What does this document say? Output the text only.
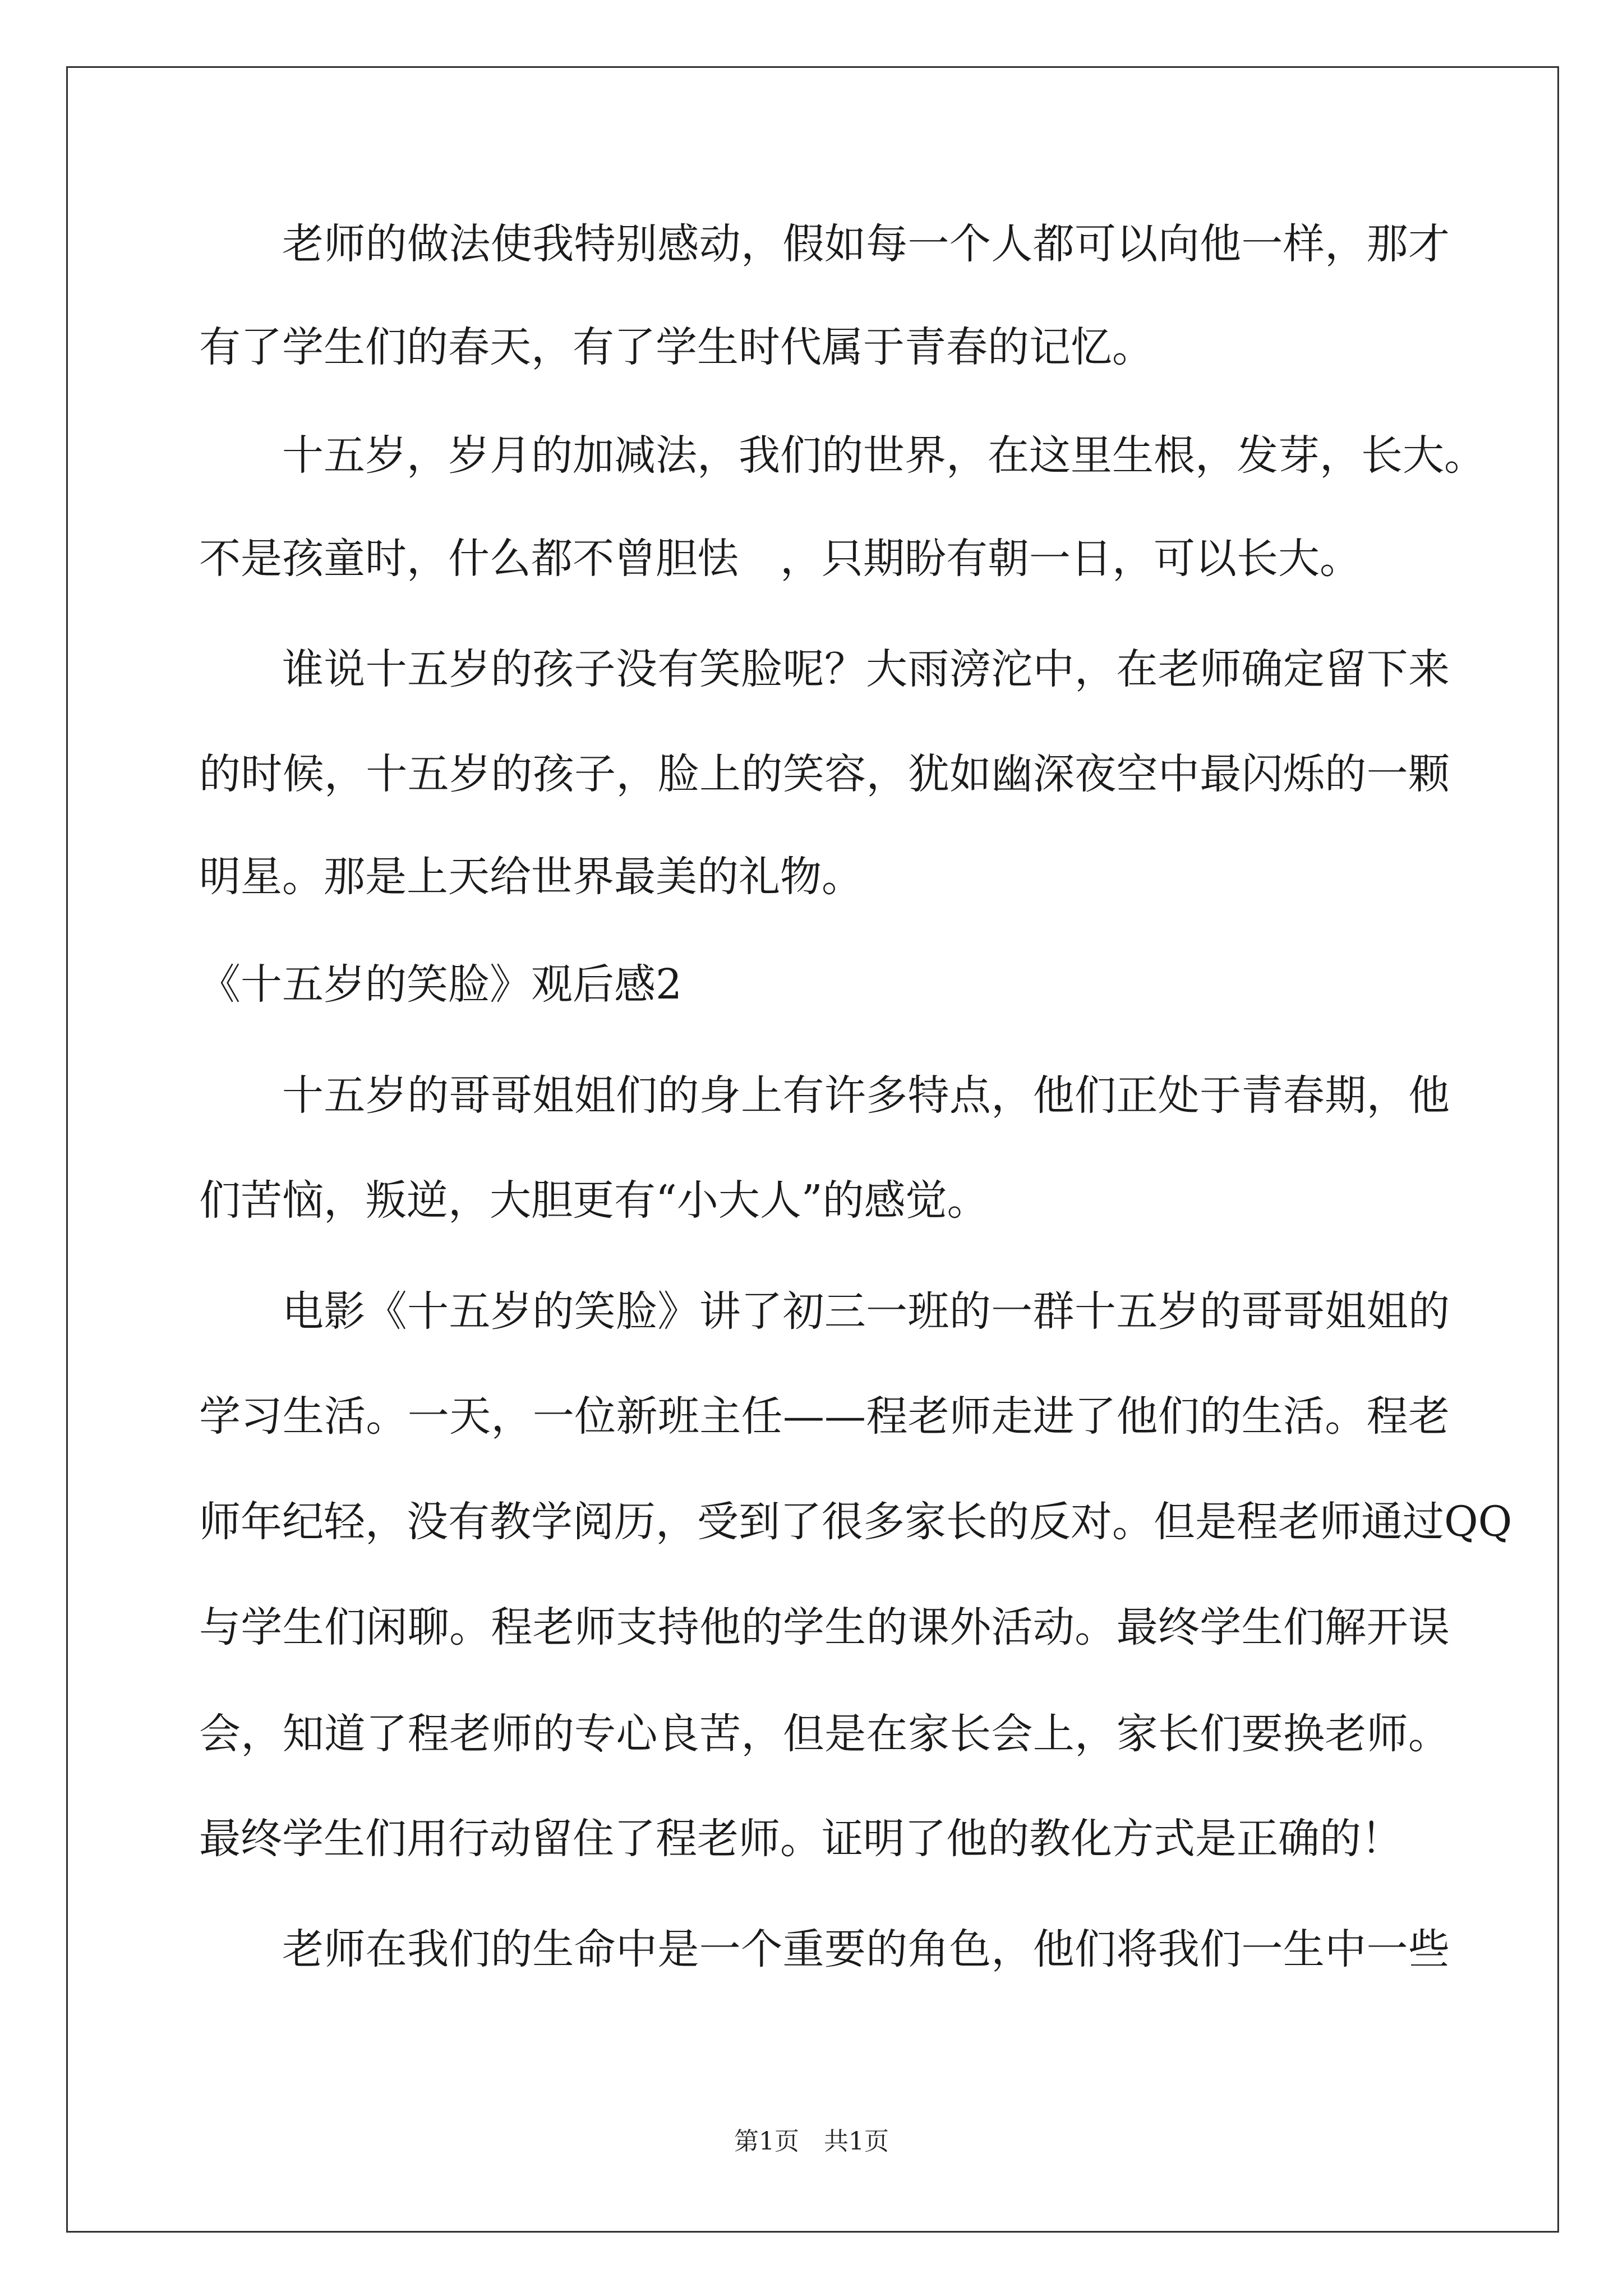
老师的做法使我特别感动，假如每一个人都可以向他一样，那才
有了学生们的春天，有了学生时代属于青春的记忆。
十五岁，岁月的加减法，我们的世界，在这里生根，发芽，长大。
不是孩童时，什么都不曾胆怯　，只期盼有朝一日，可以长大。
谁说十五岁的孩子没有笑脸呢？大雨滂沱中，在老师确定留下来
的时候，十五岁的孩子，脸上的笑容，犹如幽深夜空中最闪烁的一颗
明星。那是上天给世界最美的礼物。
《十五岁的笑脸》观后感2
十五岁的哥哥姐姐们的身上有许多特点，他们正处于青春期，他
们苦恼，叛逆，大胆更有“小大人”的感觉。
电影《十五岁的笑脸》讲了初三一班的一群十五岁的哥哥姐姐的
学习生活。一天，一位新班主任——程老师走进了他们的生活。程老
师年纪轻，没有教学阅历，受到了很多家长的反对。但是程老师通过QQ
与学生们闲聊。程老师支持他的学生的课外活动。最终学生们解开误
会，知道了程老师的专心良苦，但是在家长会上，家长们要换老师。
最终学生们用行动留住了程老师。证明了他的教化方式是正确的！
老师在我们的生命中是一个重要的角色，他们将我们一生中一些
第1页　共1页
